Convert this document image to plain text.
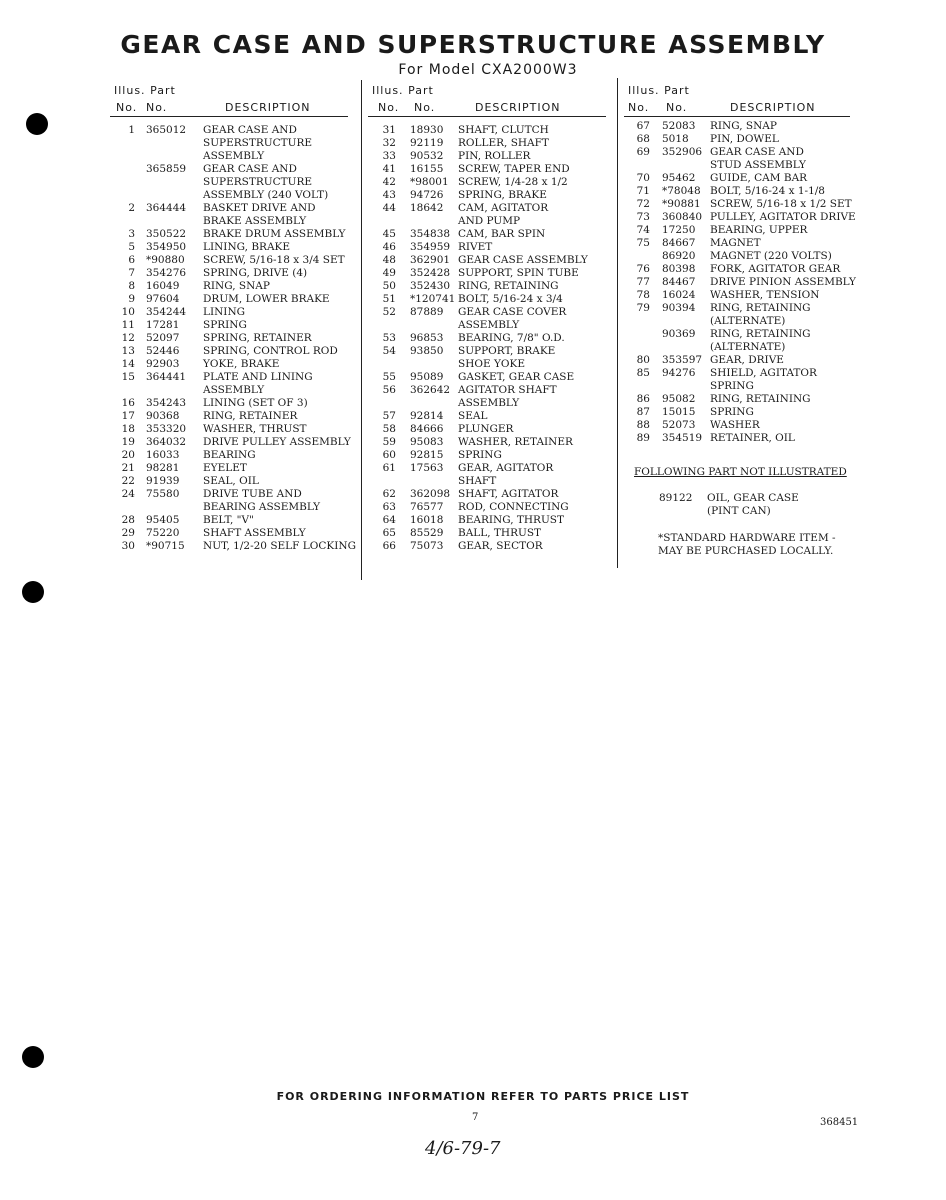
GEAR CASE AND SUPERSTRUCTURE ASSEMBLY
For Model CXA2000W3
Illus. Part
No. No.	DESCRIPTION
1 365012 GEAR CASE AND
SUPERSTRUCTURE
ASSEMBLY
365859 GEAR CASE AND
SUPERSTRUCTURE
ASSEMBLY (240 VOLT)
2 364444 BASKET DRIVE AND
BRAKE ASSEMBLY
3 350522 BRAKE DRUM ASSEMBLY
5 354950 LINING, BRAKE
6 *90880 SCREW, 5/16-18 x 3/4 SET
7 354276 SPRING, DRIVE (4)
8 16049 RING, SNAP
9 97604 DRUM, LOWER BRAKE
10 354244 LINING
11 17281 SPRING
12 52097 SPRING, RETAINER
13 52446 SPRING, CONTROL ROD
14 92903 YOKE, BRAKE
15 364441 PLATE AND LINING
ASSEMBLY
16 354243 LINING (SET OF 3)
17 90368 RING, RETAINER
18 353320 WASHER, THRUST
19 364032 DRIVE PULLEY ASSEMBLY
20 16033 BEARING
21 98281 EYELET
22 91939 SEAL, OIL
24 75580 DRIVE TUBE AND
BEARING ASSEMBLY
28 95405 BELT, "V"
29 75220 SHAFT ASSEMBLY
30 *90715 NUT, 1/2-20 SELF LOCKING
Illus. Part
No. No.	DESCRIPTION
31 18930 SHAFT, CLUTCH
32 92119 ROLLER, SHAFT
33 90532 PIN, ROLLER
41 16155 SCREW, TAPER END
42 *98001 SCREW, 1/4-28 x 1/2
43 94726 SPRING, BRAKE
44 18642 CAM, AGITATOR
AND PUMP
45 354838 CAM, BAR SPIN
46 354959 RIVET
48 362901 GEAR CASE ASSEMBLY
49 352428 SUPPORT, SPIN TUBE
50 352430 RING, RETAINING
51 *120741 BOLT, 5/16-24 x 3/4
52 87889 GEAR CASE COVER
ASSEMBLY
53 96853 BEARING, 7/8" O.D.
54 93850 SUPPORT, BRAKE
SHOE YOKE
55 95089 GASKET, GEAR CASE
56 362642 AGITATOR SHAFT
ASSEMBLY
57 92814 SEAL
58 84666 PLUNGER
59 95083 WASHER, RETAINER
60 92815 SPRING
61 17563 GEAR, AGITATOR
SHAFT
62 362098 SHAFT, AGITATOR
63 76577 ROD, CONNECTING
64 16018 BEARING, THRUST
65 85529 BALL, THRUST
66 75073 GEAR, SECTOR
Illus. Part
No. No.	DESCRIPTION
67 52083 RING, SNAP
68 5018 PIN, DOWEL
69 352906 GEAR CASE AND
STUD ASSEMBLY
70 95462 GUIDE, CAM BAR
71 *78048 BOLT, 5/16-24 x 1-1/8
72 *90881 SCREW, 5/16-18 x 1/2 SET
73 360840 PULLEY, AGITATOR DRIVE
74 17250 BEARING, UPPER
75 84667 MAGNET
86920 MAGNET (220 VOLTS)
76 80398 FORK, AGITATOR GEAR
77 84467 DRIVE PINION ASSEMBLY
78 16024 WASHER, TENSION
79 90394 RING, RETAINING
(ALTERNATE)
90369 RING, RETAINING
(ALTERNATE)
80 353597 GEAR, DRIVE
85 94276 SHIELD, AGITATOR
SPRING
86 95082 RING, RETAINING
87 15015 SPRING
88 52073 WASHER
89 354519 RETAINER, OIL
FOLLOWING PART NOT ILLUSTRATED
89122 OIL, GEAR CASE
(PINT CAN)
*STANDARD HARDWARE ITEM -
MAY BE PURCHASED LOCALLY.
FOR ORDERING INFORMATION REFER TO PARTS PRICE LIST
7	368451
4/6-79-7
